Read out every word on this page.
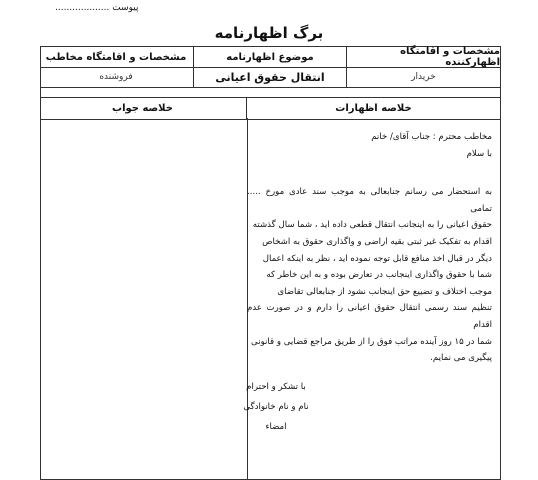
پیوست ...................
برگ اظهارنامه
مشخصات و اقامتگاه اظهارکننده
موضوع اظهارنامه
مشخصات و اقامتگاه مخاطب
خریدار
انتقال حقوق اعیانی
فروشنده
خلاصه اظهارات
خلاصه جواب

مخاطب محترم : جناب آقای/ خانم

با سلام

به استحضار می رسانم جنابعالی به موجب سند عادی مورخ ..... تمامی

حقوق اعیانی را به اینجانب انتقال قطعی داده اید ، شما سال گذشته

اقدام به تفکیک غیر ثبتی بقیه اراضی و واگذاری حقوق به اشخاص

دیگر در قبال اخذ منافع قابل توجه نموده اید ، نظر به اینکه اعمال

شما با حقوق واگذاری اینجانب در تعارض بوده و به این خاطر که

موجب اختلاف و تضییع حق اینجانب نشود از جنابعالی تقاضای

تنظیم سند رسمی انتقال حقوق اعیانی را دارم و در صورت عدم اقدام

شما در ۱۵ روز آینده مراتب فوق را از طریق مراجع قضایی و قانونی

پیگیری می نمایم.

با تشکر و احترام
نام و نام خانوادگی
امضاء
